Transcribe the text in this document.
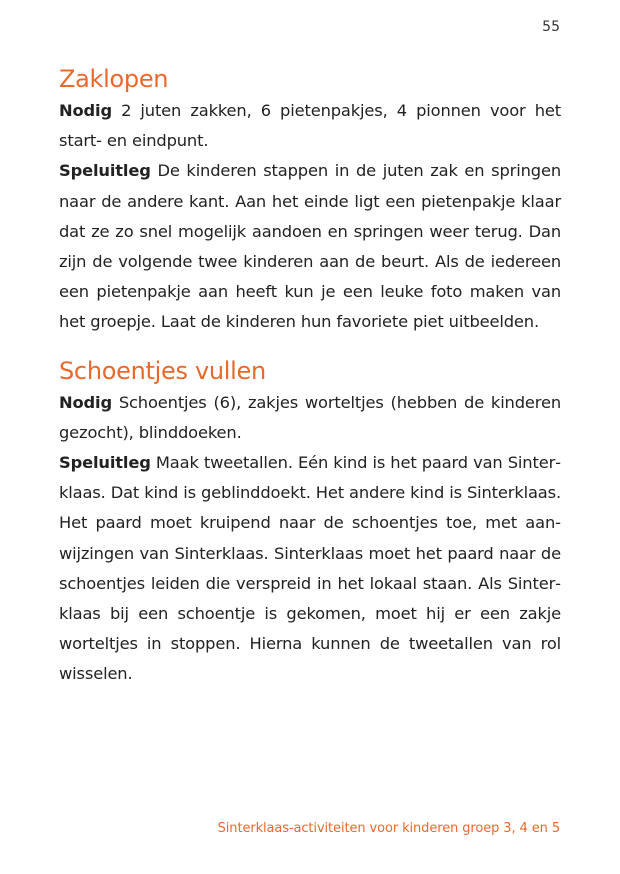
55
Zaklopen

Nodig 2 juten zakken, 6 pietenpakjes, 4 pionnen voor het start- en eindpunt.

Speluitleg De kinderen stappen in de juten zak en springen naar de andere kant. Aan het einde ligt een pietenpakje klaar dat ze zo snel mogelijk aandoen en springen weer terug. Dan zijn de volgende twee kinderen aan de beurt. Als de iedereen een pietenpakje aan heeft kun je een leuke foto maken van het groepje. Laat de kinderen hun favoriete piet uitbeelden.

Schoentjes vullen

Nodig Schoentjes (6), zakjes worteltjes (hebben de kinderen gezocht), blinddoeken.

Speluitleg Maak tweetallen. Eén kind is het paard van Sinterklaas. Dat kind is geblinddoekt. Het andere kind is Sinterklaas. Het paard moet kruipend naar de schoentjes toe, met aanwijzingen van Sinterklaas. Sinterklaas moet het paard naar de schoentjes leiden die verspreid in het lokaal staan. Als Sinterklaas bij een schoentje is gekomen, moet hij er een zakje worteltjes in stoppen. Hierna kunnen de tweetallen van rol wisselen.

Sinterklaas-activiteiten voor kinderen groep 3, 4 en 5
